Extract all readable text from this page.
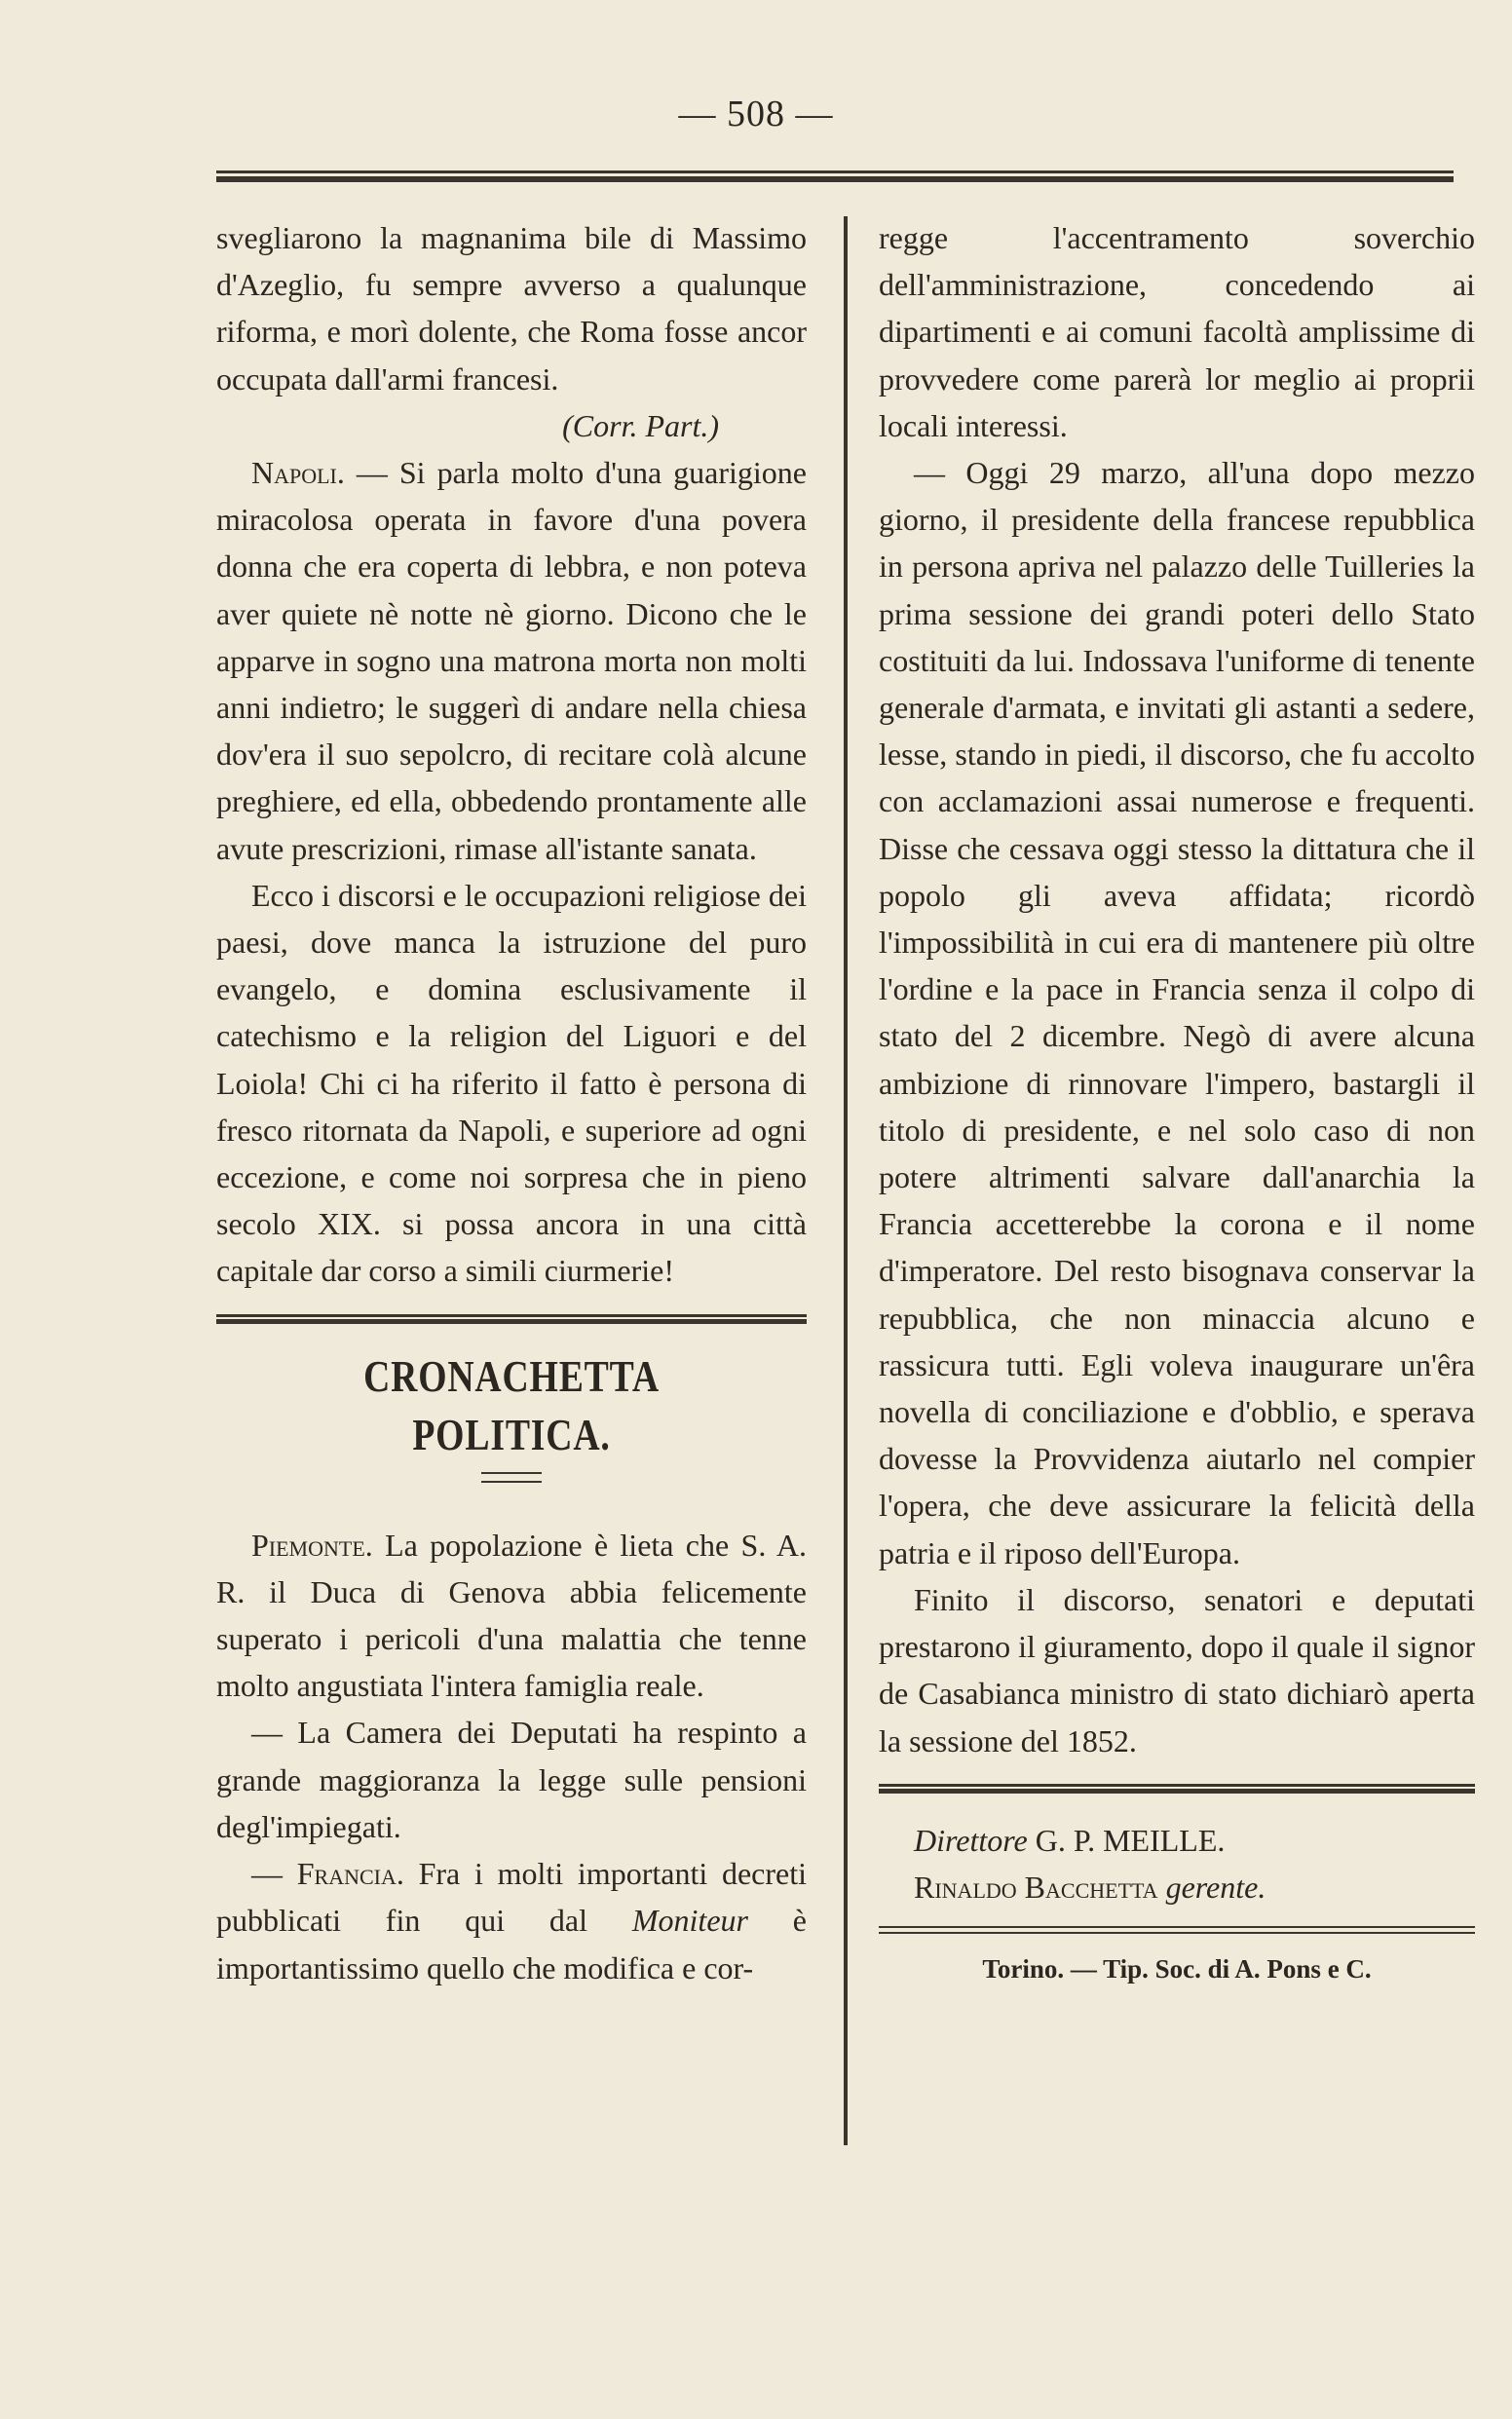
— 508 —

svegliarono la magnanima bile di Massimo d'Azeglio, fu sempre avverso a qualunque riforma, e morì dolente, che Roma fosse ancor occupata dall'armi francesi.

(Corr. Part.)

Napoli. — Si parla molto d'una guarigione miracolosa operata in favore d'una povera donna che era coperta di lebbra, e non poteva aver quiete nè notte nè giorno. Dicono che le apparve in sogno una matrona morta non molti anni indietro; le suggerì di andare nella chiesa dov'era il suo sepolcro, di recitare colà alcune preghiere, ed ella, obbedendo prontamente alle avute prescrizioni, rimase all'istante sanata.

Ecco i discorsi e le occupazioni religiose dei paesi, dove manca la istruzione del puro evangelo, e domina esclusivamente il catechismo e la religion del Liguori e del Loiola! Chi ci ha riferito il fatto è persona di fresco ritornata da Napoli, e superiore ad ogni eccezione, e come noi sorpresa che in pieno secolo XIX. si possa ancora in una città capitale dar corso a simili ciurmerie!

CRONACHETTA POLITICA.

Piemonte. La popolazione è lieta che S. A. R. il Duca di Genova abbia felicemente superato i pericoli d'una malattia che tenne molto angustiata l'intera famiglia reale.

— La Camera dei Deputati ha respinto a grande maggioranza la legge sulle pensioni degl'impiegati.

— Francia. Fra i molti importanti decreti pubblicati fin qui dal Moniteur è importantissimo quello che modifica e cor-

regge l'accentramento soverchio dell'amministrazione, concedendo ai dipartimenti e ai comuni facoltà amplissime di provvedere come parerà lor meglio ai proprii locali interessi.

— Oggi 29 marzo, all'una dopo mezzo giorno, il presidente della francese repubblica in persona apriva nel palazzo delle Tuilleries la prima sessione dei grandi poteri dello Stato costituiti da lui. Indossava l'uniforme di tenente generale d'armata, e invitati gli astanti a sedere, lesse, stando in piedi, il discorso, che fu accolto con acclamazioni assai numerose e frequenti. Disse che cessava oggi stesso la dittatura che il popolo gli aveva affidata; ricordò l'impossibilità in cui era di mantenere più oltre l'ordine e la pace in Francia senza il colpo di stato del 2 dicembre. Negò di avere alcuna ambizione di rinnovare l'impero, bastargli il titolo di presidente, e nel solo caso di non potere altrimenti salvare dall'anarchia la Francia accetterebbe la corona e il nome d'imperatore. Del resto bisognava conservar la repubblica, che non minaccia alcuno e rassicura tutti. Egli voleva inaugurare un'êra novella di conciliazione e d'obblio, e sperava dovesse la Provvidenza aiutarlo nel compier l'opera, che deve assicurare la felicità della patria e il riposo dell'Europa.

Finito il discorso, senatori e deputati prestarono il giuramento, dopo il quale il signor de Casabianca ministro di stato dichiarò aperta la sessione del 1852.

Direttore G. P. MEILLE.

Rinaldo Bacchetta gerente.

Torino. — Tip. Soc. di A. Pons e C.
